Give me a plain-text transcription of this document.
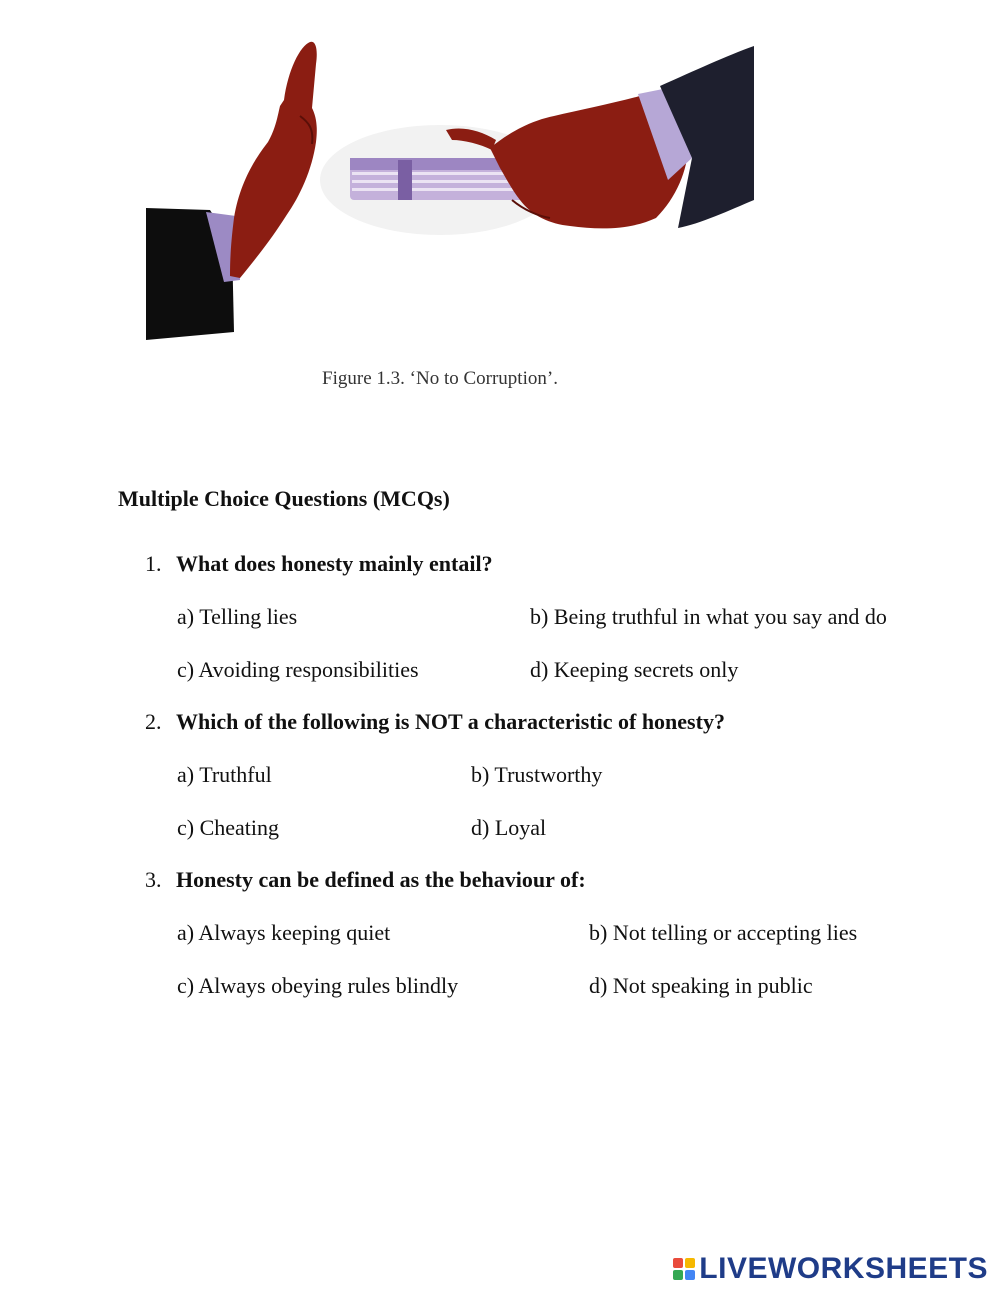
Figure 1.3. ‘No to Corruption’.
Multiple Choice Questions (MCQs)
1. What does honesty mainly entail?
a) Telling lies	b) Being truthful in what you say and do
c) Avoiding responsibilities	d) Keeping secrets only
2. Which of the following is NOT a characteristic of honesty?
a) Truthful	b) Trustworthy
c) Cheating	d) Loyal
3. Honesty can be defined as the behaviour of:
a) Always keeping quiet	b) Not telling or accepting lies
c) Always obeying rules blindly	d) Not speaking in public
LIVEWORKSHEETS
